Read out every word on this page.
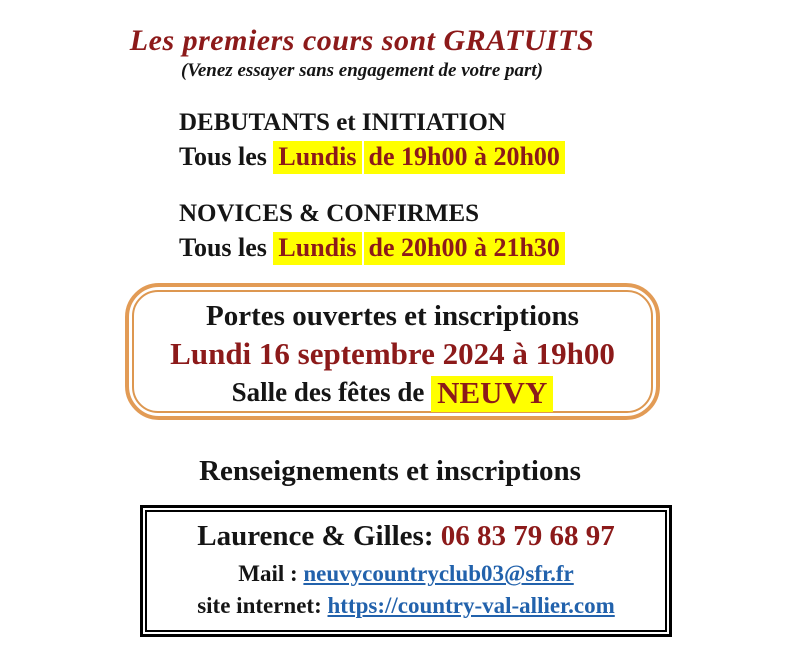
Les premiers cours sont GRATUITS
(Venez essayer sans engagement de votre part)
DEBUTANTS et INITIATION
Tous les Lundis de 19h00 à 20h00
NOVICES & CONFIRMES
Tous les Lundis de 20h00 à 21h30
Portes ouvertes et inscriptions
Lundi 16 septembre 2024 à 19h00
Salle des fêtes de NEUVY
Renseignements et inscriptions
Laurence & Gilles: 06 83 79 68 97
Mail : neuvycountryclub03@sfr.fr
site internet: https://country-val-allier.com
